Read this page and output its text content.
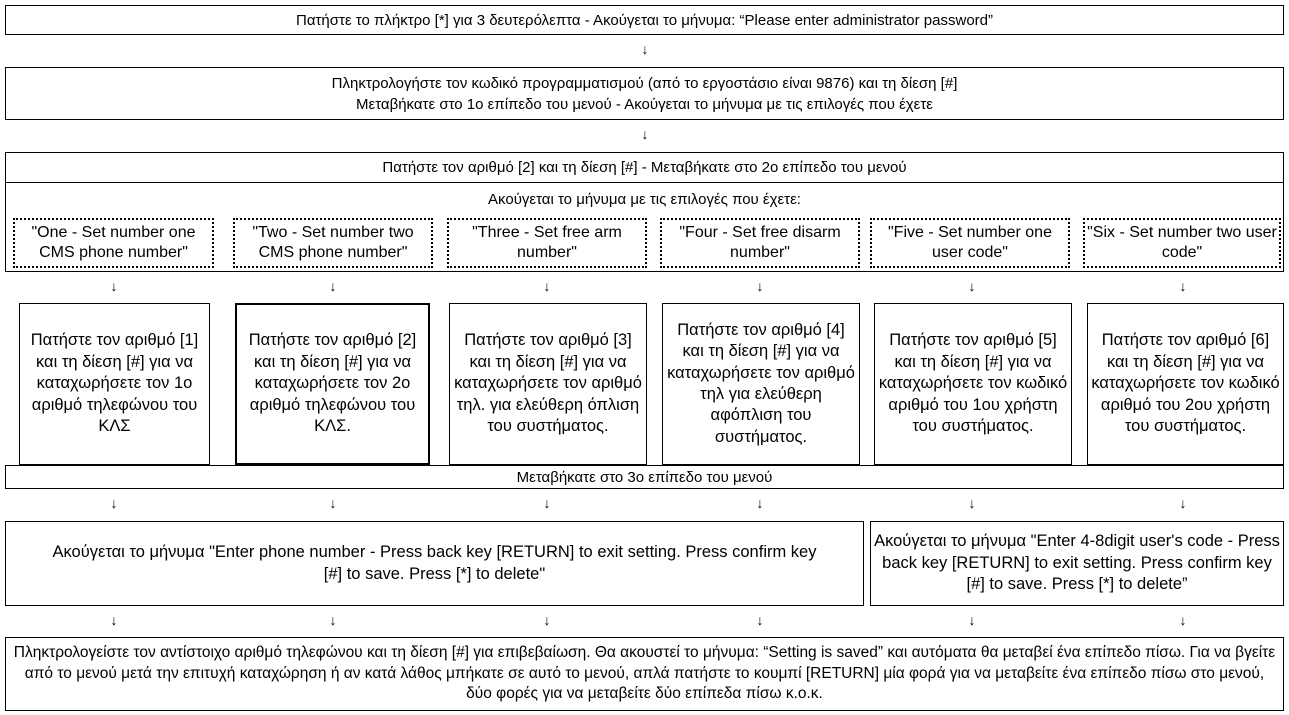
Πατήστε το πλήκτρο [*] για 3 δευτερόλεπτα - Ακούγεται το μήνυμα: “Please enter administrator password”
↓
Πληκτρολογήστε τον κωδικό προγραμματισμού (από το εργοστάσιο είναι 9876) και τη δίεση [#]
Μεταβήκατε στο 1ο επίπεδο του μενού - Ακούγεται το μήνυμα με τις επιλογές που έχετε
↓
Πατήστε τον αριθμό [2] και τη δίεση [#] - Μεταβήκατε στο 2ο επίπεδο του μενού
Ακούγεται το μήνυμα με τις επιλογές που έχετε:
"One - Set number one CMS phone number"
"Two - Set number two CMS phone number"
"Three - Set free arm number"
"Four - Set free disarm number"
"Five - Set number one user code"
"Six - Set number two user code"
↓	↓	↓	↓	↓	↓
Πατήστε τον αριθμό [1] και τη δίεση [#] για να καταχωρήσετε τον 1ο αριθμό τηλεφώνου του ΚΛΣ
Πατήστε τον αριθμό [2] και τη δίεση [#] για να καταχωρήσετε τον 2ο αριθμό τηλεφώνου του ΚΛΣ.
Πατήστε τον αριθμό [3] και τη δίεση [#] για να καταχωρήσετε τον αριθμό τηλ. για ελεύθερη όπλιση του συστήματος.
Πατήστε τον αριθμό [4] και τη δίεση [#] για να καταχωρήσετε τον αριθμό τηλ για ελεύθερη αφόπλιση του συστήματος.
Πατήστε τον αριθμό [5] και τη δίεση [#] για να καταχωρήσετε τον κωδικό αριθμό του 1ου χρήστη του συστήματος.
Πατήστε τον αριθμό [6] και τη δίεση [#] για να καταχωρήσετε τον κωδικό αριθμό του 2ου χρήστη του συστήματος.
Μεταβήκατε στο 3ο επίπεδο του μενού
↓	↓	↓	↓	↓	↓
Ακούγεται το μήνυμα "Enter phone number - Press back key [RETURN] to exit setting. Press confirm key [#] to save. Press [*] to delete"
Ακούγεται το μήνυμα "Enter 4-8digit user's code - Press back key [RETURN] to exit setting. Press confirm key [#] to save. Press [*] to delete”
↓	↓	↓	↓	↓	↓
Πληκτρολογείστε τον αντίστοιχο αριθμό τηλεφώνου και τη δίεση [#] για επιβεβαίωση. Θα ακουστεί το μήνυμα: “Setting is saved” και αυτόματα θα μεταβεί ένα επίπεδο πίσω. Για να βγείτε από το μενού μετά την επιτυχή καταχώρηση ή αν κατά λάθος μπήκατε σε αυτό το μενού, απλά πατήστε το κουμπί [RETURN] μία φορά για να μεταβείτε ένα επίπεδο πίσω στο μενού, δύο φορές για να μεταβείτε δύο επίπεδα πίσω κ.ο.κ.
